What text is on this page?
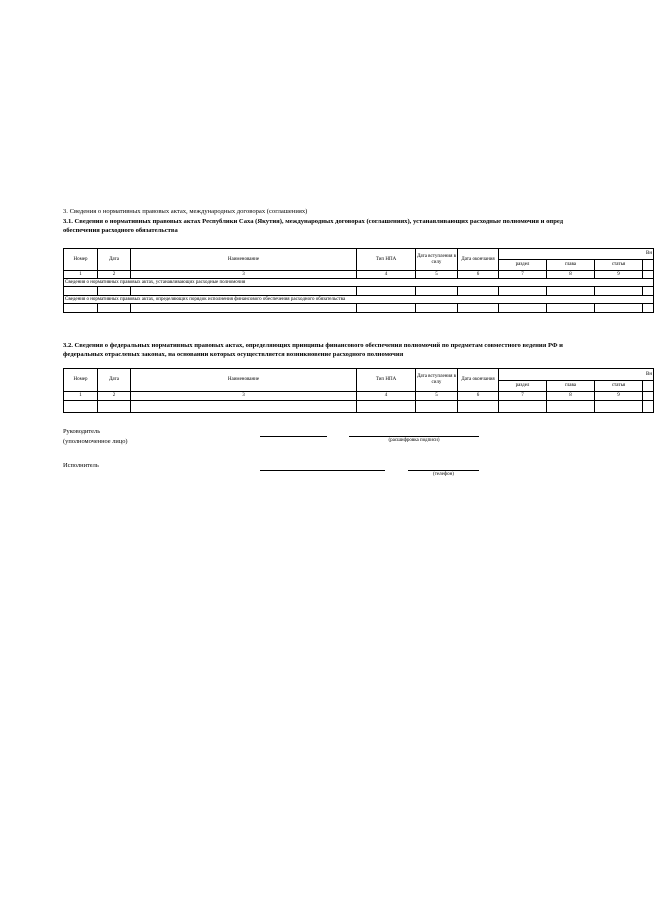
3. Сведения о нормативных правовых актах, международных договорах (соглашениях)
3.1. Сведения о нормативных правовых актах Республики Саха (Якутия), международных договорах (соглашениях), устанавливающих расходные полномочия и опред
обеспечения расходного обязательства
Номер	Дата	Наименование	Тип НПА	Дата вступления в силу	Дата окончания	Вн			
						раздел	глава	статья	
1	2	3	4	5	6	7	8	9	
Сведения о нормативных правовых актах, устанавливающих расходные полномочия									

Сведения о нормативных правовых актах, определяющих порядок исполнения финансового обеспечения расходного обязательства									

3.2. Сведения о федеральных нормативных правовых актах, определяющих принципы финансового обеспечения полномочий по предметам совместного ведения РФ и
федеральных отраслевых законах, на основании которых осуществляется возникновение расходного полномочия
Номер	Дата	Наименование	Тип НПА	Дата вступления в силу	Дата окончания	Вн			
						раздел	глава	статья	
1	2	3	4	5	6	7	8	9	

Руководитель
(уполномоченное лицо)	(расшифровка подписи)
Исполнитель
(телефон)
